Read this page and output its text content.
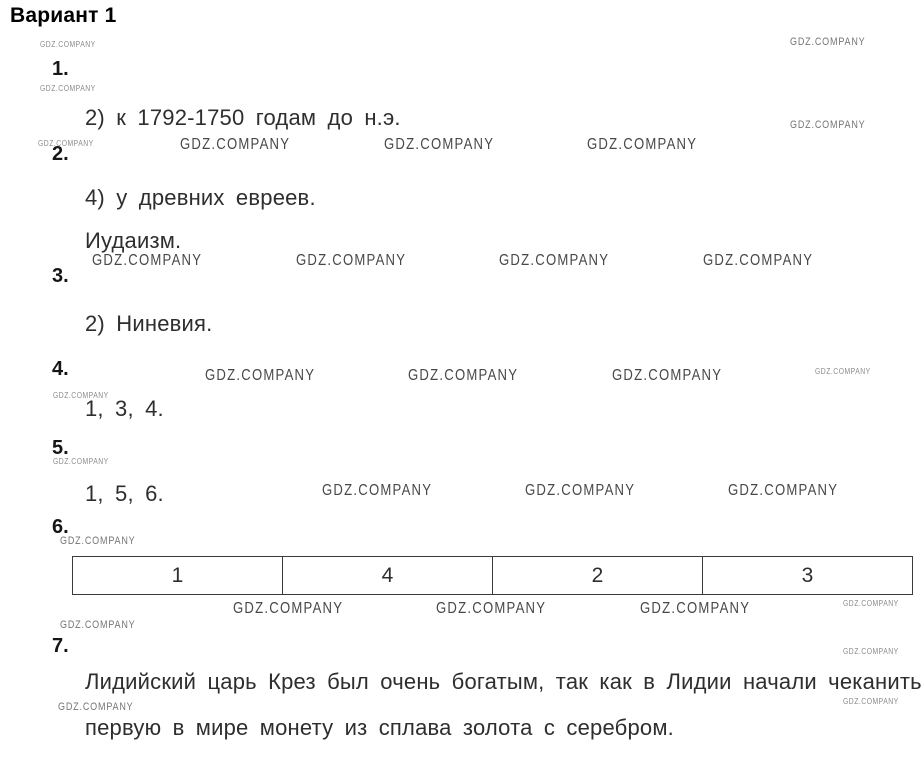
Вариант 1
GDZ.COMPANY
GDZ.COMPANY
GDZ.COMPANY
GDZ.COMPANY
GDZ.COMPANY
GDZ.COMPANY
GDZ.COMPANY
GDZ.COMPANY
GDZ.COMPANY
GDZ.COMPANY
GDZ.COMPANY	GDZ.COMPANY	GDZ.COMPANY
GDZ.COMPANY	GDZ.COMPANY	GDZ.COMPANY	GDZ.COMPANY
GDZ.COMPANY	GDZ.COMPANY	GDZ.COMPANY
GDZ.COMPANY	GDZ.COMPANY	GDZ.COMPANY
GDZ.COMPANY	GDZ.COMPANY	GDZ.COMPANY
GDZ.COMPANY
GDZ.COMPANY
GDZ.COMPANY
GDZ.COMPANY
1.
2) к 1792-1750 годам до н.э.
2.
4) у древних евреев.
Иудаизм.
3.
2) Ниневия.
4.
1, 3, 4.
5.
1, 5, 6.
6.
1	4	2	3
7.
Лидийский царь Крез был очень богатым, так как в Лидии начали чеканить
первую в мире монету из сплава золота с серебром.
